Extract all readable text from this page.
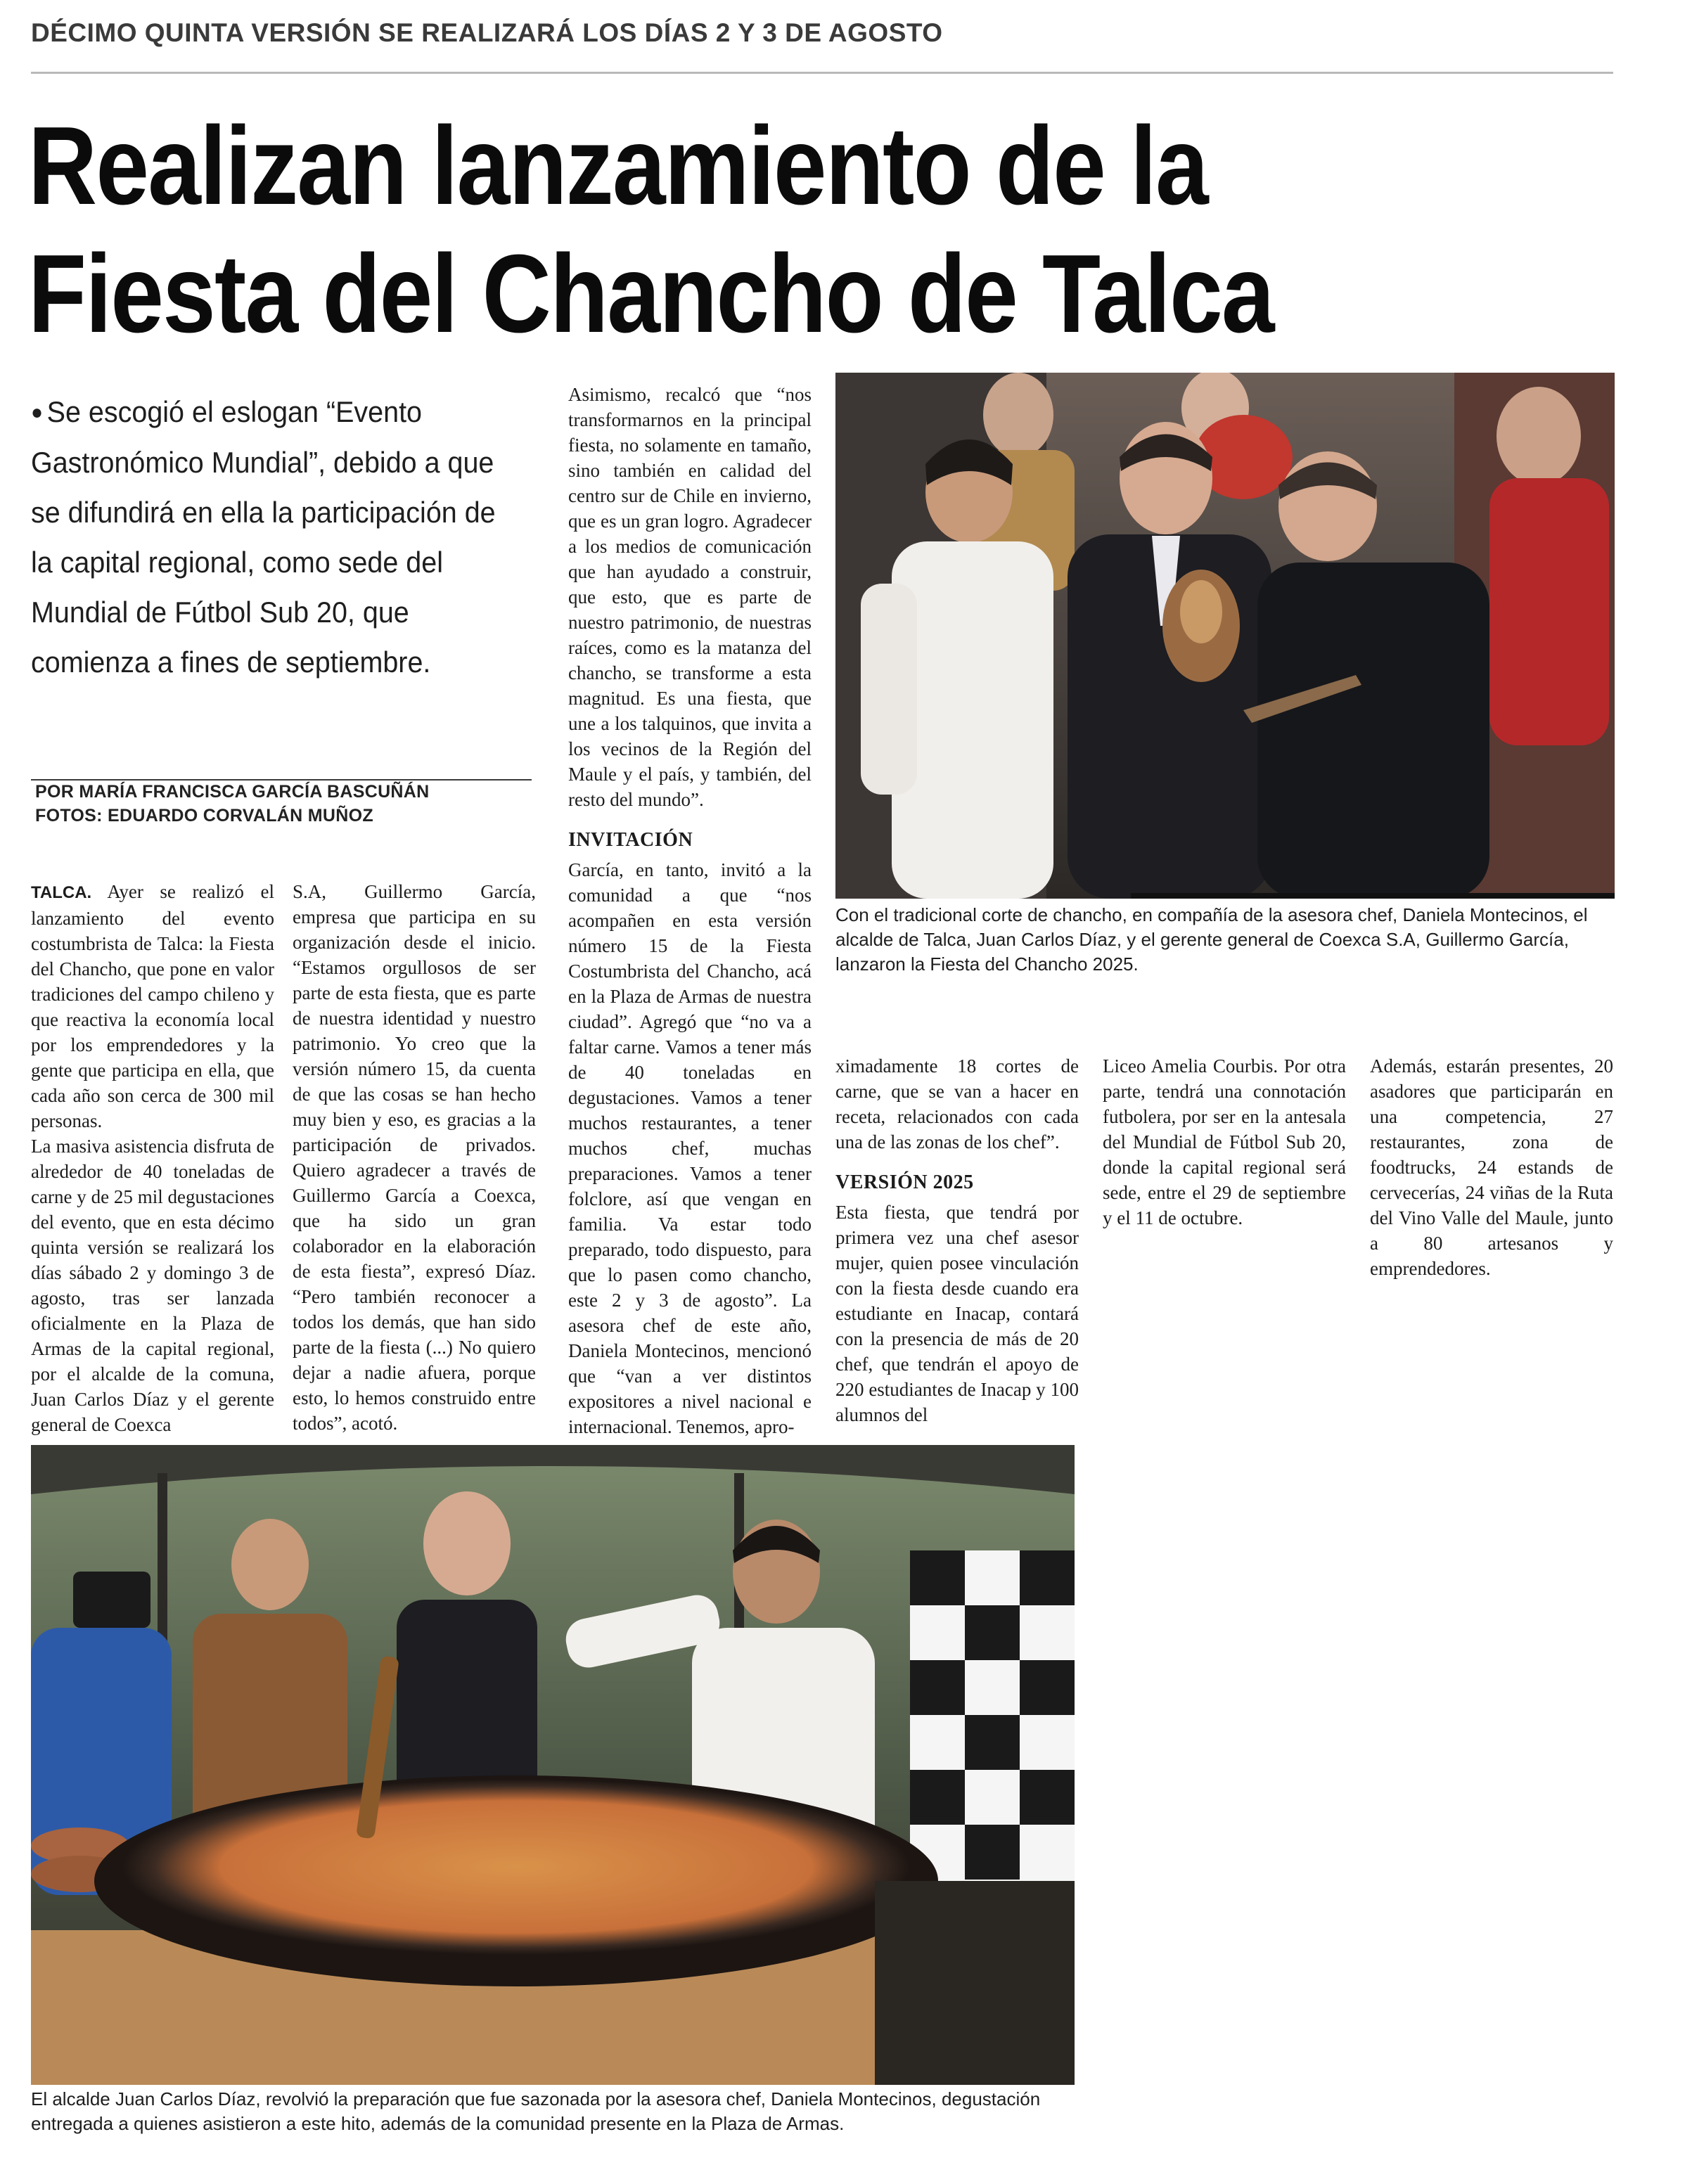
DÉCIMO QUINTA VERSIÓN SE REALIZARÁ LOS DÍAS 2 Y 3 DE AGOSTO
Realizan lanzamiento de la Fiesta del Chancho de Talca

● Se escogió el eslogan “Evento Gastronómico Mundial”, debido a que se difundirá en ella la participación de la capital regional, como sede del Mundial de Fútbol Sub 20, que comienza a fines de septiembre.

POR MARÍA FRANCISCA GARCÍA BASCUÑÁN
FOTOS: EDUARDO CORVALÁN MUÑOZ

TALCA. Ayer se realizó el lanzamiento del evento costumbrista de Talca: la Fiesta del Chancho, que pone en valor tradiciones del campo chileno y que reactiva la economía local por los emprendedores y la gente que participa en ella, que cada año son cerca de 300 mil personas.

La masiva asistencia disfruta de alrededor de 40 toneladas de carne y de 25 mil degustaciones del evento, que en esta décimo quinta versión se realizará los días sábado 2 y domingo 3 de agosto, tras ser lanzada oficialmente en la Plaza de Armas de la capital regional, por el alcalde de la comuna, Juan Carlos Díaz y el gerente general de Coexca

S.A, Guillermo García, empresa que participa en su organización desde el inicio. “Estamos orgullosos de ser parte de esta fiesta, que es parte de nuestra identidad y nuestro patrimonio. Yo creo que la versión número 15, da cuenta de que las cosas se han hecho muy bien y eso, es gracias a la participación de privados. Quiero agradecer a través de Guillermo García a Coexca, que ha sido un gran colaborador en la elaboración de esta fiesta”, expresó Díaz. “Pero también reconocer a todos los demás, que han sido parte de la fiesta (...) No quiero dejar a nadie afuera, porque esto, lo hemos construido entre todos”, acotó.

Asimismo, recalcó que “nos transformarnos en la principal fiesta, no solamente en tamaño, sino también en calidad del centro sur de Chile en invierno, que es un gran logro. Agradecer a los medios de comunicación que han ayudado a construir, que esto, que es parte de nuestro patrimonio, de nuestras raíces, como es la matanza del chancho, se transforme a esta magnitud. Es una fiesta, que une a los talquinos, que invita a los vecinos de la Región del Maule y el país, y también, del resto del mundo”.

INVITACIÓN

García, en tanto, invitó a la comunidad a que “nos acompañen en esta versión número 15 de la Fiesta Costumbrista del Chancho, acá en la Plaza de Armas de nuestra ciudad”. Agregó que “no va a faltar carne. Vamos a tener más de 40 toneladas en degustaciones. Vamos a tener muchos restaurantes, a tener muchos chef, muchas preparaciones. Vamos a tener folclore, así que vengan en familia. Va estar todo preparado, todo dispuesto, para que lo pasen como chancho, este 2 y 3 de agosto”. La asesora chef de este año, Daniela Montecinos, mencionó que “van a ver distintos expositores a nivel nacional e internacional. Tenemos, apro-

ximadamente 18 cortes de carne, que se van a hacer en receta, relacionados con cada una de las zonas de los chef”.

VERSIÓN 2025

Esta fiesta, que tendrá por primera vez una chef asesor mujer, quien posee vinculación con la fiesta desde cuando era estudiante en Inacap, contará con la presencia de más de 20 chef, que tendrán el apoyo de 220 estudiantes de Inacap y 100 alumnos del

Liceo Amelia Courbis. Por otra parte, tendrá una connotación futbolera, por ser en la antesala del Mundial de Fútbol Sub 20, donde la capital regional será sede, entre el 29 de septiembre y el 11 de octubre.

Además, estarán presentes, 20 asadores que participarán en una competencia, 27 restaurantes, zona de foodtrucks, 24 estands de cervecerías, 24 viñas de la Ruta del Vino Valle del Maule, junto a 80 artesanos y emprendedores.

Con el tradicional corte de chancho, en compañía de la asesora chef, Daniela Montecinos, el alcalde de Talca, Juan Carlos Díaz, y el gerente general de Coexca S.A, Guillermo García, lanzaron la Fiesta del Chancho 2025.

El alcalde Juan Carlos Díaz, revolvió la preparación que fue sazonada por la asesora chef, Daniela Montecinos, degustación entregada a quienes asistieron a este hito, además de la comunidad presente en la Plaza de Armas.
